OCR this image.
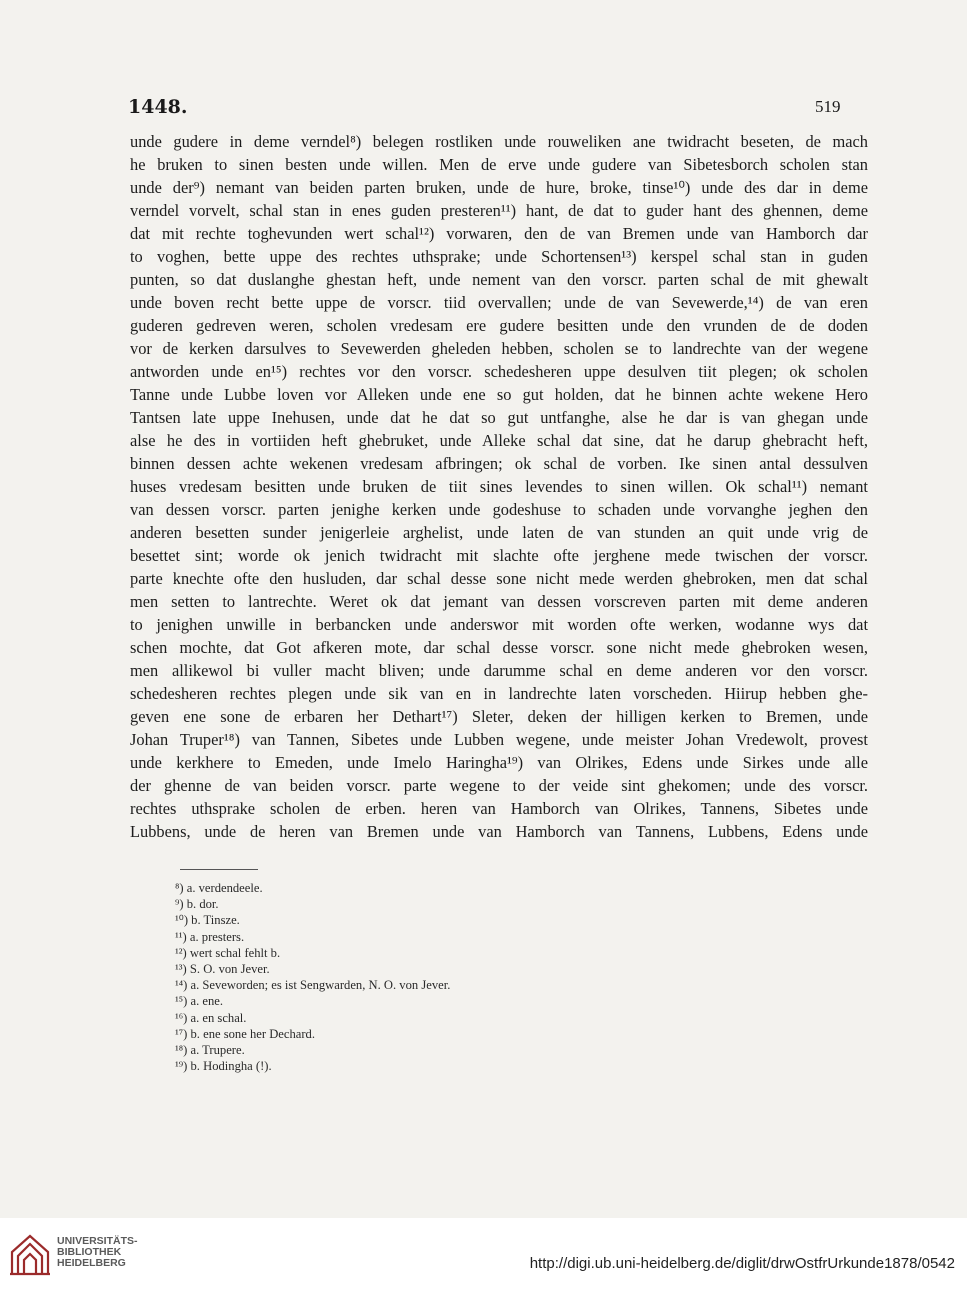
1448.	519
unde gudere in deme verndel⁸) belegen rostliken unde rouweliken ane twidracht beseten, de mach
he bruken to sinen besten unde willen. Men de erve unde gudere van Sibetesborch scholen stan
unde der⁹) nemant van beiden parten bruken, unde de hure, broke, tinse¹⁰) unde des dar in deme
verndel vorvelt, schal stan in enes guden presteren¹¹) hant, de dat to guder hant des ghennen, deme
dat mit rechte toghevunden wert schal¹²) vorwaren, den de van Bremen unde van Hamborch dar
to voghen, bette uppe des rechtes uthsprake; unde Schortensen¹³) kerspel schal stan in guden
punten, so dat duslanghe ghestan heft, unde nement van den vorscr. parten schal de mit ghewalt
unde boven recht bette uppe de vorscr. tiid overvallen; unde de van Sevewerde,¹⁴) de van eren
guderen gedreven weren, scholen vredesam ere gudere besitten unde den vrunden de de doden
vor de kerken darsulves to Sevewerden gheleden hebben, scholen se to landrechte van der wegene
antworden unde en¹⁵) rechtes vor den vorscr. schedesheren uppe desulven tiit plegen; ok scholen
Tanne unde Lubbe loven vor Alleken unde ene so gut holden, dat he binnen achte wekene Hero
Tantsen late uppe Inehusen, unde dat he dat so gut untfanghe, alse he dar is van ghegan unde
alse he des in vortiiden heft ghebruket, unde Alleke schal dat sine, dat he darup ghebracht heft,
binnen dessen achte wekenen vredesam afbringen; ok schal de vorben. Ike sinen antal dessulven
huses vredesam besitten unde bruken de tiit sines levendes to sinen willen. Ok schal¹¹) nemant
van dessen vorscr. parten jenighe kerken unde godeshuse to schaden unde vorvanghe jeghen den
anderen besetten sunder jenigerleie arghelist, unde laten de van stunden an quit unde vrig de
besettet sint; worde ok jenich twidracht mit slachte ofte jerghene mede twischen der vorscr.
parte knechte ofte den husluden, dar schal desse sone nicht mede werden ghebroken, men dat schal
men setten to lantrechte. Weret ok dat jemant van dessen vorscreven parten mit deme anderen
to jenighen unwille in berbancken unde anderswor mit worden ofte werken, wodanne wys dat
schen mochte, dat Got afkeren mote, dar schal desse vorscr. sone nicht mede ghebroken wesen,
men allikewol bi vuller macht bliven; unde darumme schal en deme anderen vor den vorscr.
schedesheren rechtes plegen unde sik van en in landrechte laten vorscheden. Hiirup hebben ghe-
geven ene sone de erbaren her Dethart¹⁷) Sleter, deken der hilligen kerken to Bremen, unde
Johan Truper¹⁸) van Tannen, Sibetes unde Lubben wegene, unde meister Johan Vredewolt, provest
unde kerkhere to Emeden, unde Imelo Haringha¹⁹) van Olrikes, Edens unde Sirkes unde alle
der ghenne de van beiden vorscr. parte wegene to der veide sint ghekomen; unde des vorscr.
rechtes uthsprake scholen de erben. heren van Hamborch van Olrikes, Tannens, Sibetes unde
Lubbens, unde de heren van Bremen unde van Hamborch van Tannens, Lubbens, Edens unde
⁸) a. verdendeele.
⁹) b. dor.
¹⁰) b. Tinsze.
¹¹) a. presters.
¹²) wert schal fehlt b.
¹³) S. O. von Jever.
¹⁴) a. Seveworden; es ist Sengwarden, N. O. von Jever.
¹⁵) a. ene.
¹⁶) a. en schal.
¹⁷) b. ene sone her Dechard.
¹⁸) a. Trupere.
¹⁹) b. Hodingha (!).
UNIVERSITÄTS-
BIBLIOTHEK
HEIDELBERG	http://digi.ub.uni-heidelberg.de/diglit/drwOstfrUrkunde1878/0542
